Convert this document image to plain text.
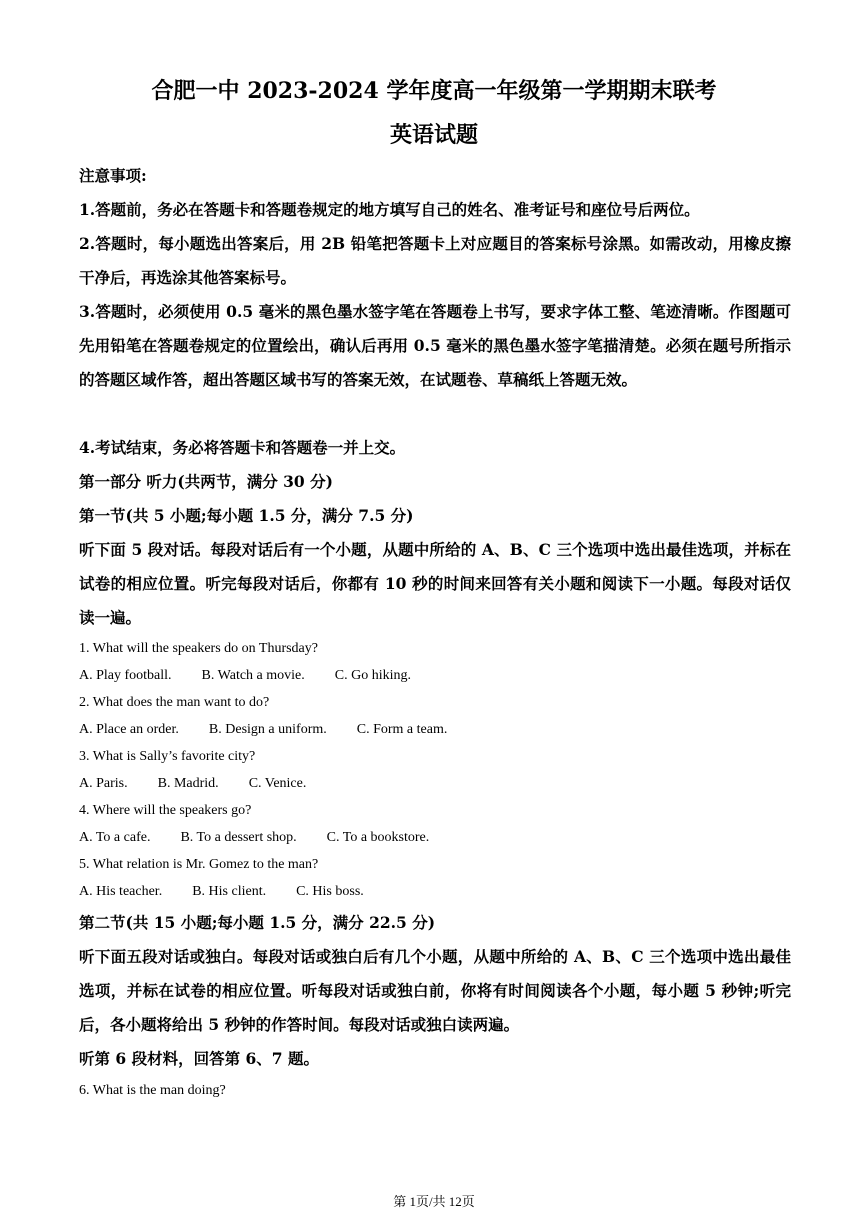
合肥一中 2023-2024 学年度高一年级第一学期期末联考
英语试题
注意事项:
1.答题前，务必在答题卡和答题卷规定的地方填写自己的姓名、准考证号和座位号后两位。
2.答题时，每小题选出答案后，用 2B 铅笔把答题卡上对应题目的答案标号涂黑。如需改动，用橡皮擦干净后，再选涂其他答案标号。
3.答题时，必须使用 0.5 毫米的黑色墨水签字笔在答题卷上书写，要求字体工整、笔迹清晰。作图题可先用铅笔在答题卷规定的位置绘出，确认后再用 0.5 毫米的黑色墨水签字笔描清楚。必须在题号所指示的答题区域作答，超出答题区域书写的答案无效，在试题卷、草稿纸上答题无效。
4.考试结束，务必将答题卡和答题卷一并上交。
第一部分 听力(共两节，满分 30 分)
第一节(共 5 小题;每小题 1.5 分，满分 7.5 分)
听下面 5 段对话。每段对话后有一个小题，从题中所给的 A、B、C 三个选项中选出最佳选项，并标在试卷的相应位置。听完每段对话后，你都有 10 秒的时间来回答有关小题和阅读下一小题。每段对话仅读一遍。
1. What will the speakers do on Thursday?
A. Play football. B. Watch a movie. C. Go hiking.
2. What does the man want to do?
A. Place an order. B. Design a uniform. C. Form a team.
3. What is Sally’s favorite city?
A. Paris. B. Madrid. C. Venice.
4. Where will the speakers go?
A. To a cafe. B. To a dessert shop. C. To a bookstore.
5. What relation is Mr. Gomez to the man?
A. His teacher. B. His client. C. His boss.
第二节(共 15 小题;每小题 1.5 分，满分 22.5 分)
听下面五段对话或独白。每段对话或独白后有几个小题，从题中所给的 A、B、C 三个选项中选出最佳选项，并标在试卷的相应位置。听每段对话或独白前，你将有时间阅读各个小题，每小题 5 秒钟;听完后，各小题将给出 5 秒钟的作答时间。每段对话或独白读两遍。
听第 6 段材料，回答第 6、7 题。
6. What is the man doing?
第 1页/共 12页
